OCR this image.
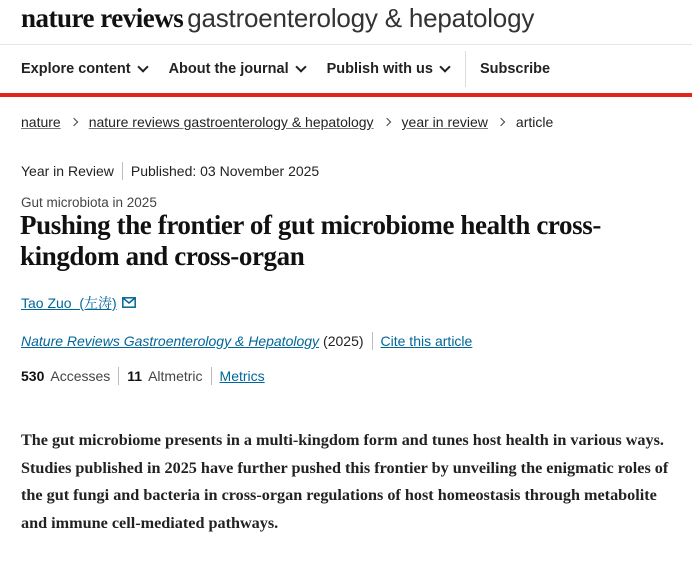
nature reviews gastroenterology & hepatology
Explore content	About the journal	Publish with us	Subscribe
nature nature reviews gastroenterology & hepatology year in review article
Year in Review Published: 03 November 2025
Gut microbiota in 2025
Pushing the frontier of gut microbiome health cross-kingdom and cross-organ
Tao Zuo  (左涛)
Nature Reviews Gastroenterology & Hepatology (2025) Cite this article
530 Accesses 11 Altmetric Metrics

The gut microbiome presents in a multi-kingdom form and tunes host health in various ways. Studies published in 2025 have further pushed this frontier by unveiling the enigmatic roles of the gut fungi and bacteria in cross-organ regulations of host homeostasis through metabolite and immune cell-mediated pathways.
